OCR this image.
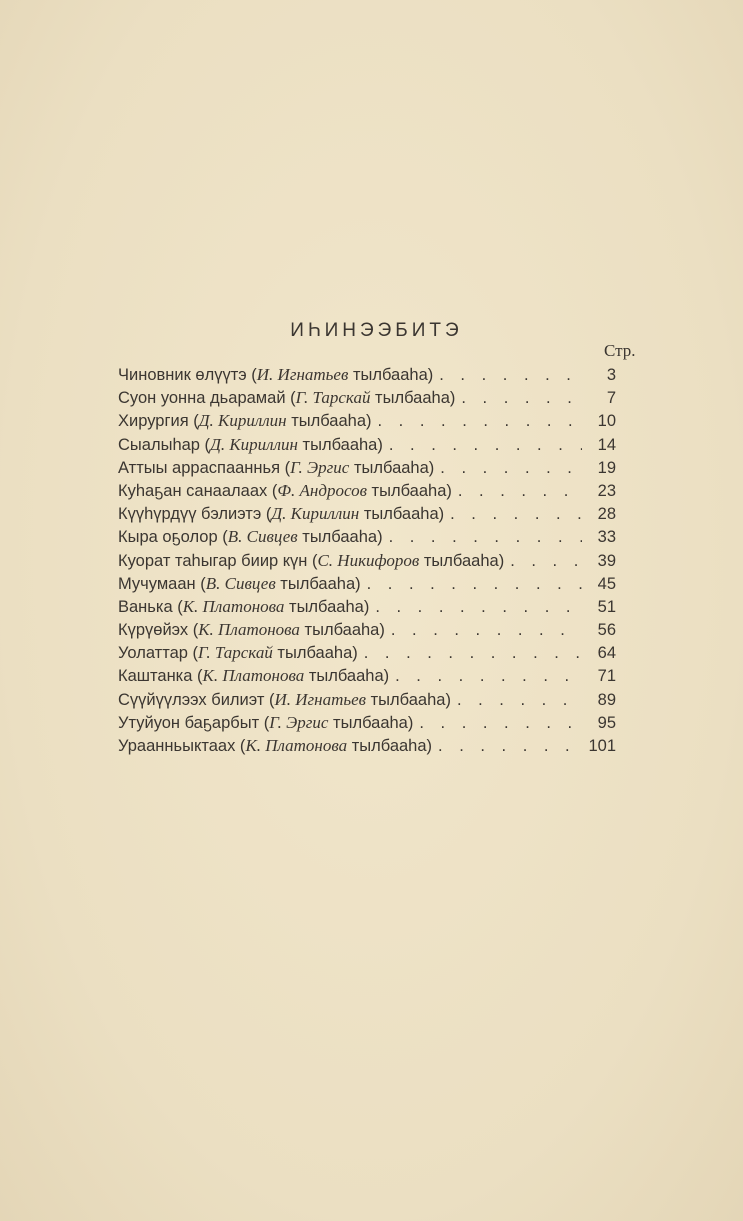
ИҺИНЭЭБИТЭ
Стр.
Чиновник өлүүтэ (И. Игнатьев тылбааһа) . . .	3
Суон уонна дьарамай (Г. Тарскай тылбааһа) . . .	7
Хирургия (Д. Кириллин тылбааһа) . . .	10
Сыалыһар (Д. Кириллин тылбааһа) . . .	14
Аттыы арраспааннья (Г. Эргис тылбааһа) . . .	19
Куһаҕан санаалаах (Ф. Андросов тылбааһа) . . .	23
Күүһүрдүү бэлиэтэ (Д. Кириллин тылбааһа) . . .	28
Кыра оҕолор (В. Сивцев тылбааһа) . . .	33
Куорат таһыгар биир күн (С. Никифоров тылбааһа) . . .	39
Мучумаан (В. Сивцев тылбааһа) . . .	45
Ванька (К. Платонова тылбааһа) . . .	51
Күрүөйэх (К. Платонова тылбааһа) . . .	56
Уолаттар (Г. Тарскай тылбааһа) . . .	64
Каштанка (К. Платонова тылбааһа) . . .	71
Сүүйүүлээх билиэт (И. Игнатьев тылбааһа) . . .	89
Утуйуон баҕарбыт (Г. Эргис тылбааһа) . . .	95
Ураанньыктаах (К. Платонова тылбааһа) . . .	101
